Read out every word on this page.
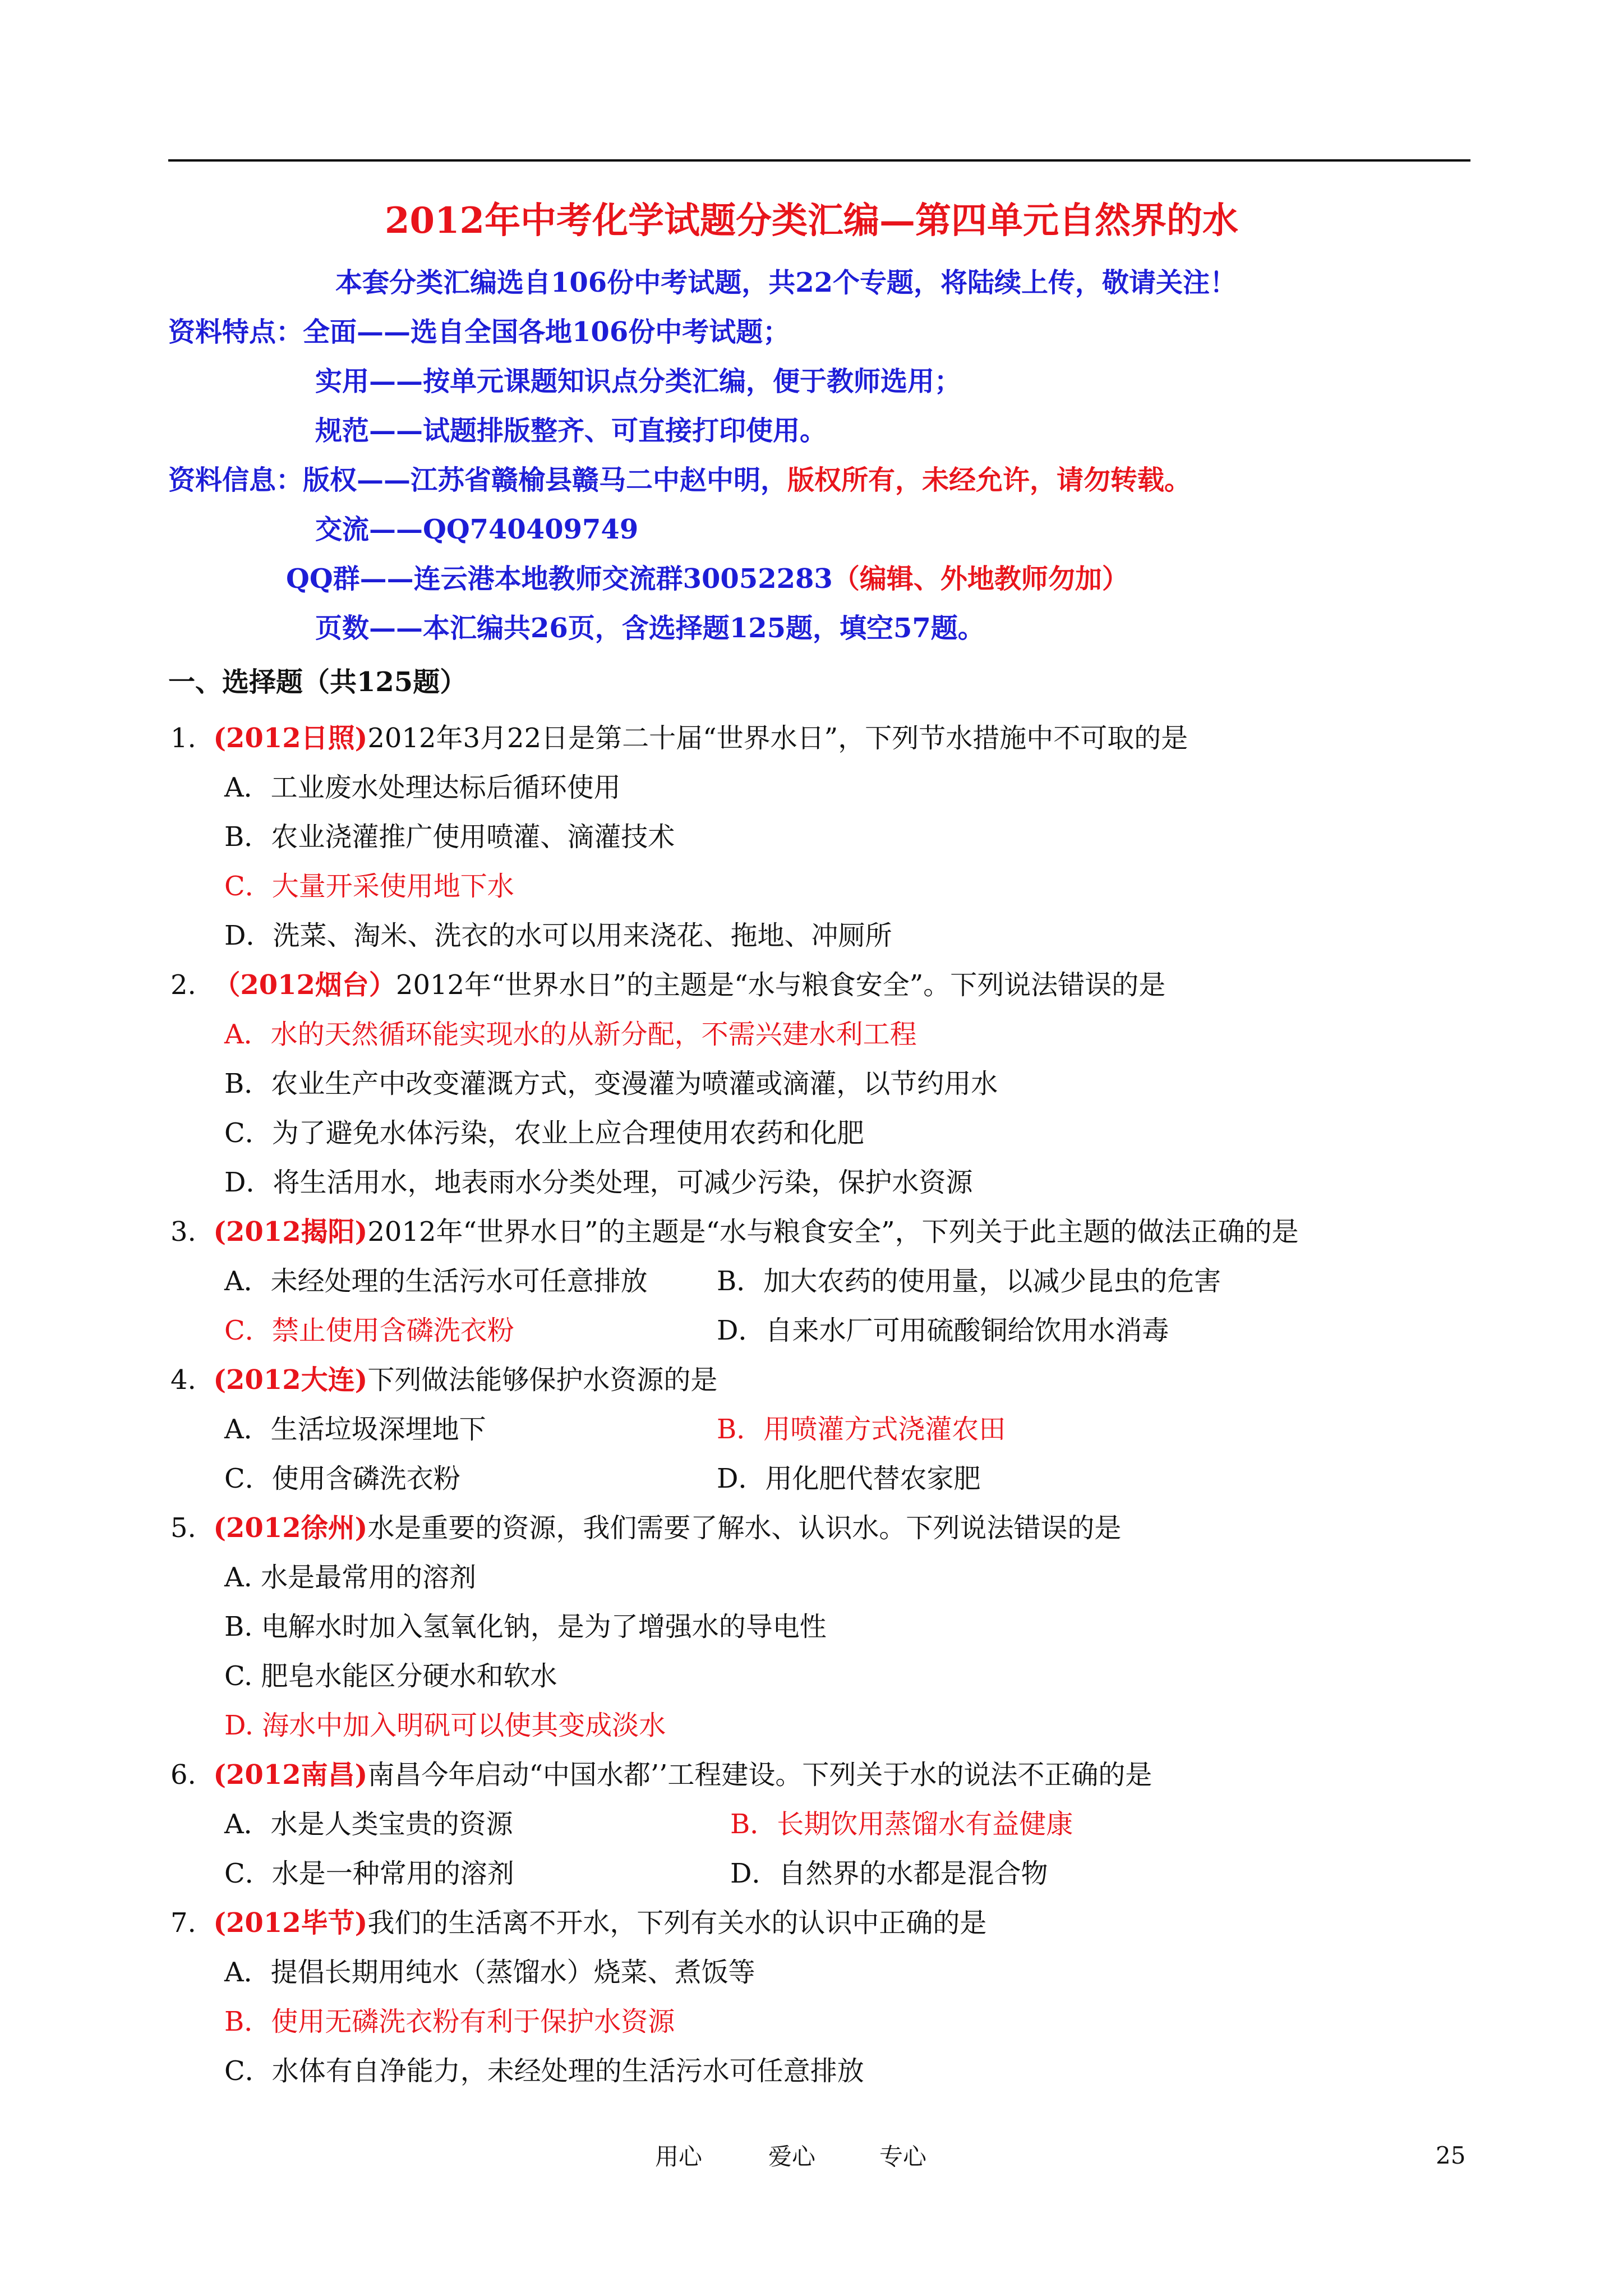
2012年中考化学试题分类汇编—第四单元自然界的水
本套分类汇编选自106份中考试题，共22个专题，将陆续上传，敬请关注！
资料特点：全面——选自全国各地106份中考试题；
实用——按单元课题知识点分类汇编，便于教师选用；
规范——试题排版整齐、可直接打印使用。
资料信息：版权——江苏省赣榆县赣马二中赵中明，版权所有，未经允许，请勿转载。
交流——QQ740409749
QQ群——连云港本地教师交流群30052283（编辑、外地教师勿加）
页数——本汇编共26页，含选择题125题，填空57题。
一、选择题（共125题）
1. (2012日照)2012年3月22日是第二十届“世界水日”，下列节水措施中不可取的是
A．工业废水处理达标后循环使用
B．农业浇灌推广使用喷灌、滴灌技术
C．大量开采使用地下水
D．洗菜、淘米、洗衣的水可以用来浇花、拖地、冲厕所
2. （2012烟台）2012年“世界水日”的主题是“水与粮食安全”。下列说法错误的是
A．水的天然循环能实现水的从新分配，不需兴建水利工程
B．农业生产中改变灌溉方式，变漫灌为喷灌或滴灌，以节约用水
C．为了避免水体污染，农业上应合理使用农药和化肥
D．将生活用水，地表雨水分类处理，可减少污染，保护水资源
3. (2012揭阳)2012年“世界水日”的主题是“水与粮食安全”，下列关于此主题的做法正确的是
A．未经处理的生活污水可任意排放	B．加大农药的使用量，以减少昆虫的危害
C．禁止使用含磷洗衣粉	D．自来水厂可用硫酸铜给饮用水消毒
4. (2012大连)下列做法能够保护水资源的是
A．生活垃圾深埋地下	B．用喷灌方式浇灌农田
C．使用含磷洗衣粉	D．用化肥代替农家肥
5. (2012徐州)水是重要的资源，我们需要了解水、认识水。下列说法错误的是
A. 水是最常用的溶剂
B. 电解水时加入氢氧化钠，是为了增强水的导电性
C. 肥皂水能区分硬水和软水
D. 海水中加入明矾可以使其变成淡水
6. (2012南昌)南昌今年启动“中国水都’’工程建设。下列关于水的说法不正确的是
A．水是人类宝贵的资源	B．长期饮用蒸馏水有益健康
C．水是一种常用的溶剂	D．自然界的水都是混合物
7. (2012毕节)我们的生活离不开水，下列有关水的认识中正确的是
A．提倡长期用纯水（蒸馏水）烧菜、煮饭等
B．使用无磷洗衣粉有利于保护水资源
C．水体有自净能力，未经处理的生活污水可任意排放
用心	爱心	专心	25
